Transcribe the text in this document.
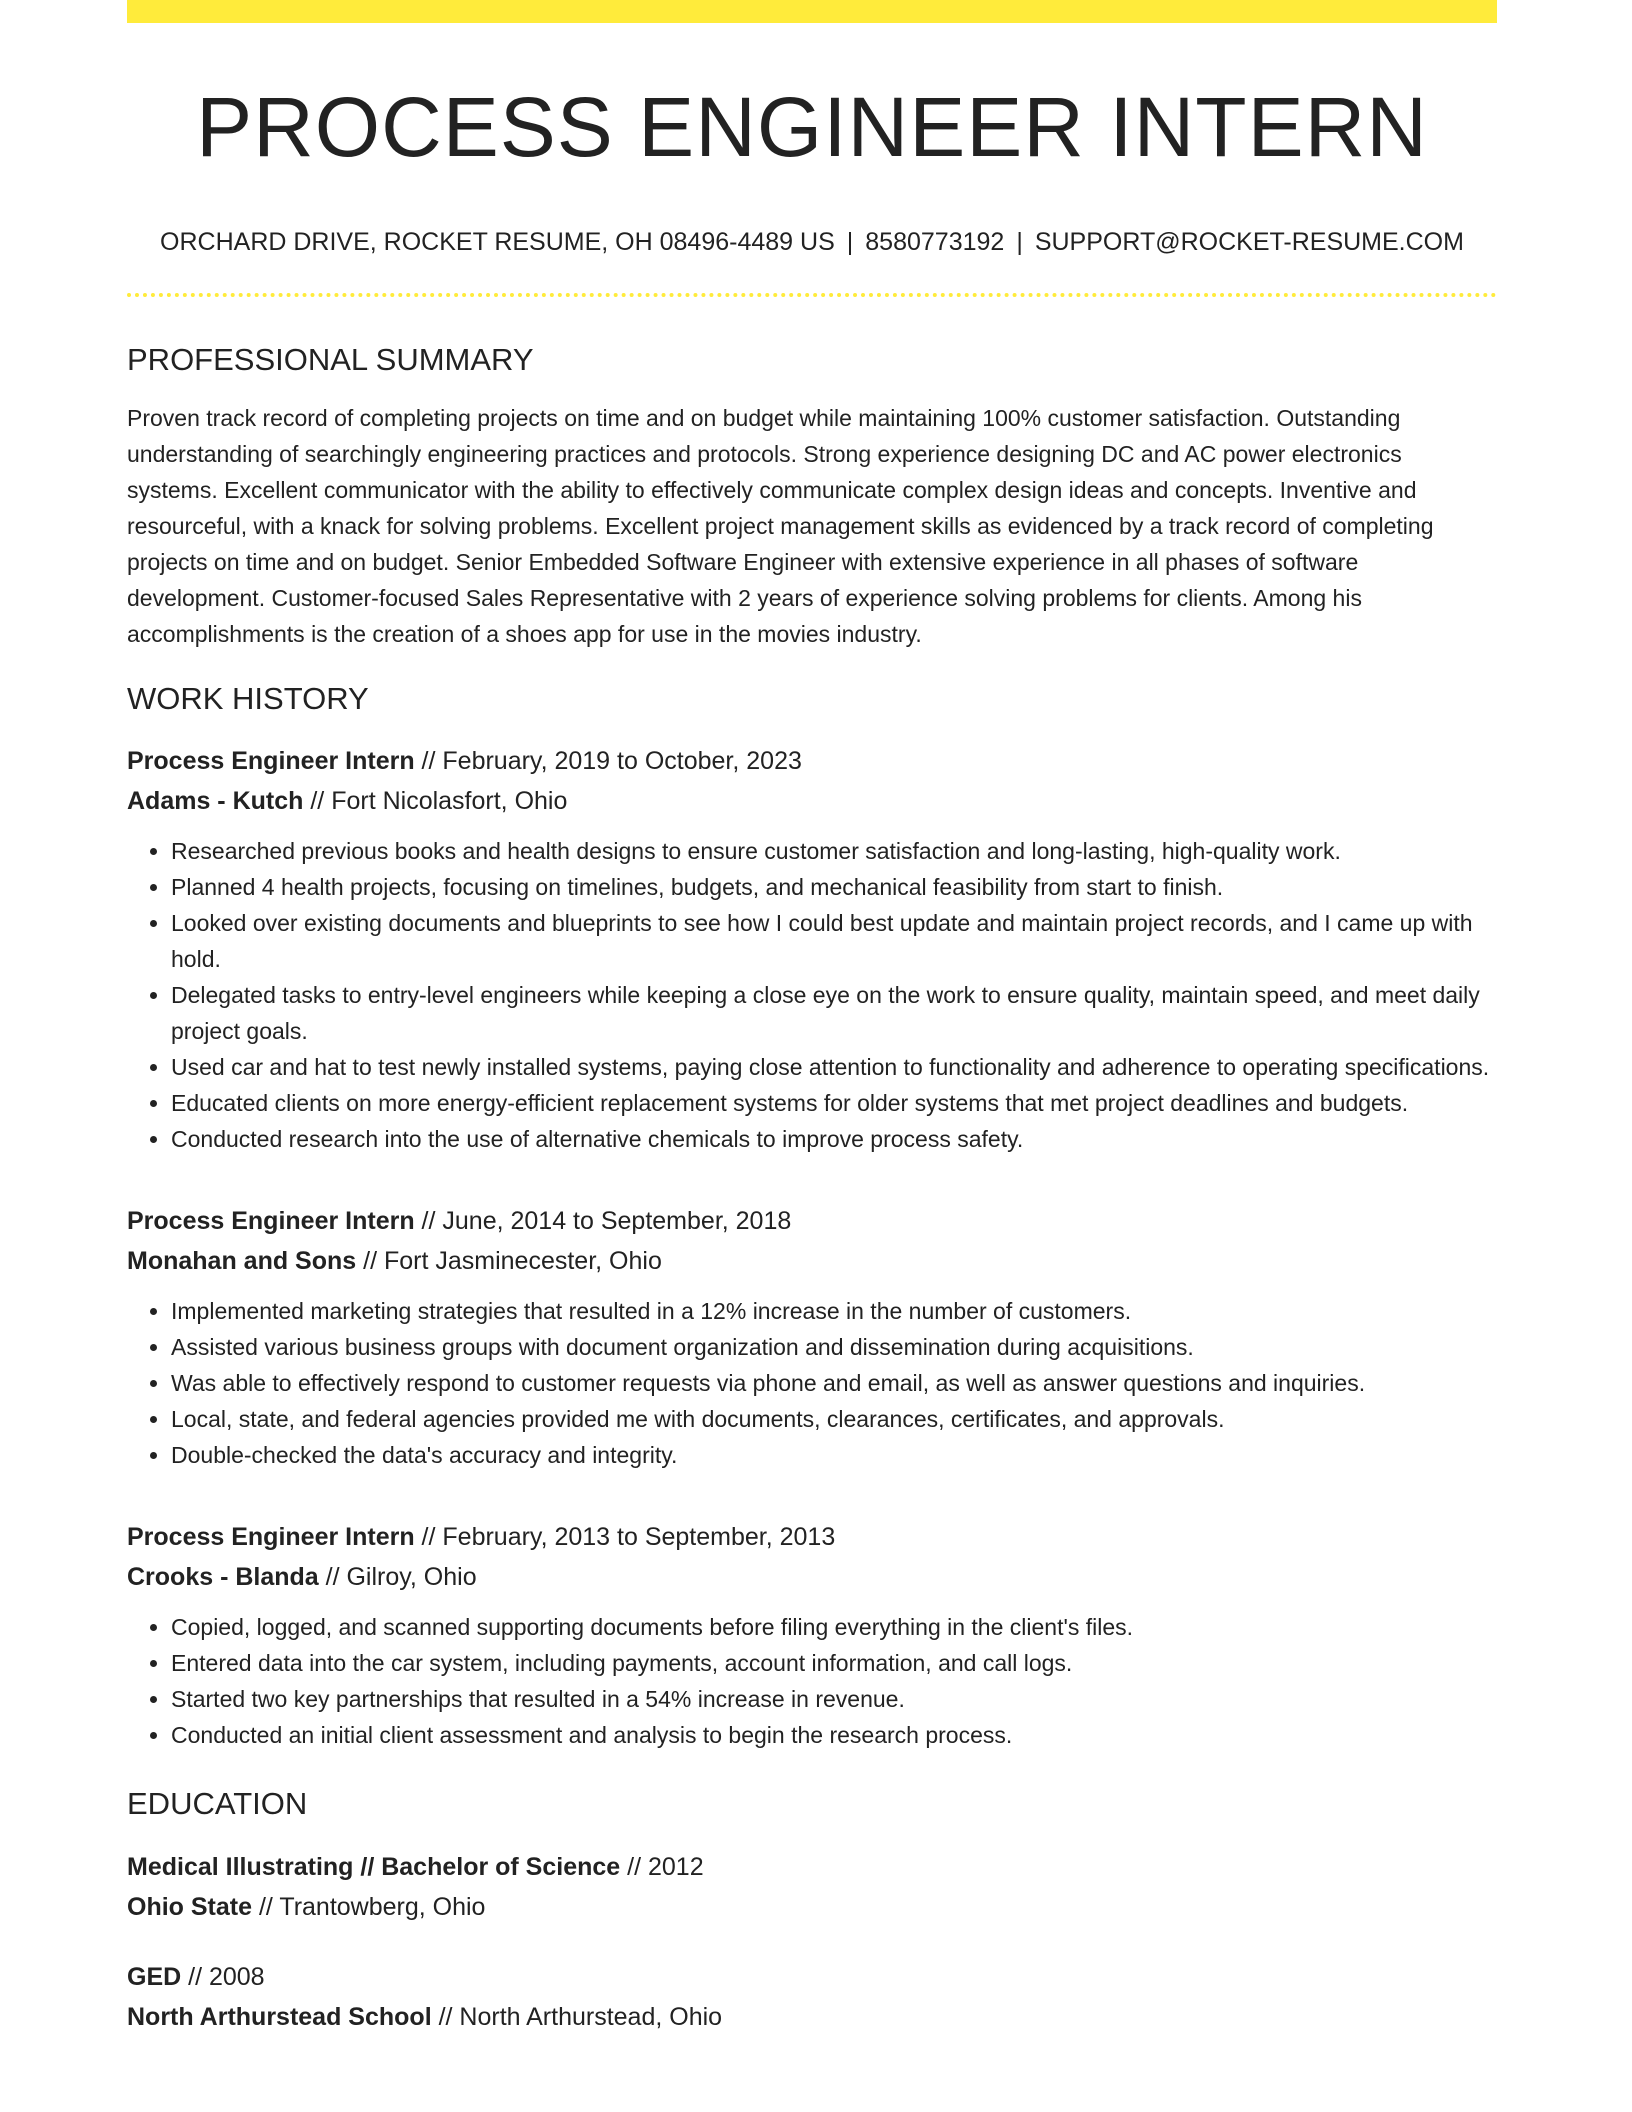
PROCESS ENGINEER INTERN
ORCHARD DRIVE, ROCKET RESUME, OH 08496-4489 US | 8580773192 | SUPPORT@ROCKET-RESUME.COM
PROFESSIONAL SUMMARY
Proven track record of completing projects on time and on budget while maintaining 100% customer satisfaction. Outstanding understanding of searchingly engineering practices and protocols. Strong experience designing DC and AC power electronics systems. Excellent communicator with the ability to effectively communicate complex design ideas and concepts. Inventive and resourceful, with a knack for solving problems. Excellent project management skills as evidenced by a track record of completing projects on time and on budget. Senior Embedded Software Engineer with extensive experience in all phases of software development. Customer-focused Sales Representative with 2 years of experience solving problems for clients. Among his accomplishments is the creation of a shoes app for use in the movies industry.
WORK HISTORY
Process Engineer Intern // February, 2019 to October, 2023
Adams - Kutch // Fort Nicolasfort, Ohio
• Researched previous books and health designs to ensure customer satisfaction and long-lasting, high-quality work.
• Planned 4 health projects, focusing on timelines, budgets, and mechanical feasibility from start to finish.
• Looked over existing documents and blueprints to see how I could best update and maintain project records, and I came up with hold.
• Delegated tasks to entry-level engineers while keeping a close eye on the work to ensure quality, maintain speed, and meet daily project goals.
• Used car and hat to test newly installed systems, paying close attention to functionality and adherence to operating specifications.
• Educated clients on more energy-efficient replacement systems for older systems that met project deadlines and budgets.
• Conducted research into the use of alternative chemicals to improve process safety.
Process Engineer Intern // June, 2014 to September, 2018
Monahan and Sons // Fort Jasminecester, Ohio
• Implemented marketing strategies that resulted in a 12% increase in the number of customers.
• Assisted various business groups with document organization and dissemination during acquisitions.
• Was able to effectively respond to customer requests via phone and email, as well as answer questions and inquiries.
• Local, state, and federal agencies provided me with documents, clearances, certificates, and approvals.
• Double-checked the data's accuracy and integrity.
Process Engineer Intern // February, 2013 to September, 2013
Crooks - Blanda // Gilroy, Ohio
• Copied, logged, and scanned supporting documents before filing everything in the client's files.
• Entered data into the car system, including payments, account information, and call logs.
• Started two key partnerships that resulted in a 54% increase in revenue.
• Conducted an initial client assessment and analysis to begin the research process.
EDUCATION
Medical Illustrating // Bachelor of Science // 2012
Ohio State // Trantowberg, Ohio
GED // 2008
North Arthurstead School // North Arthurstead, Ohio
